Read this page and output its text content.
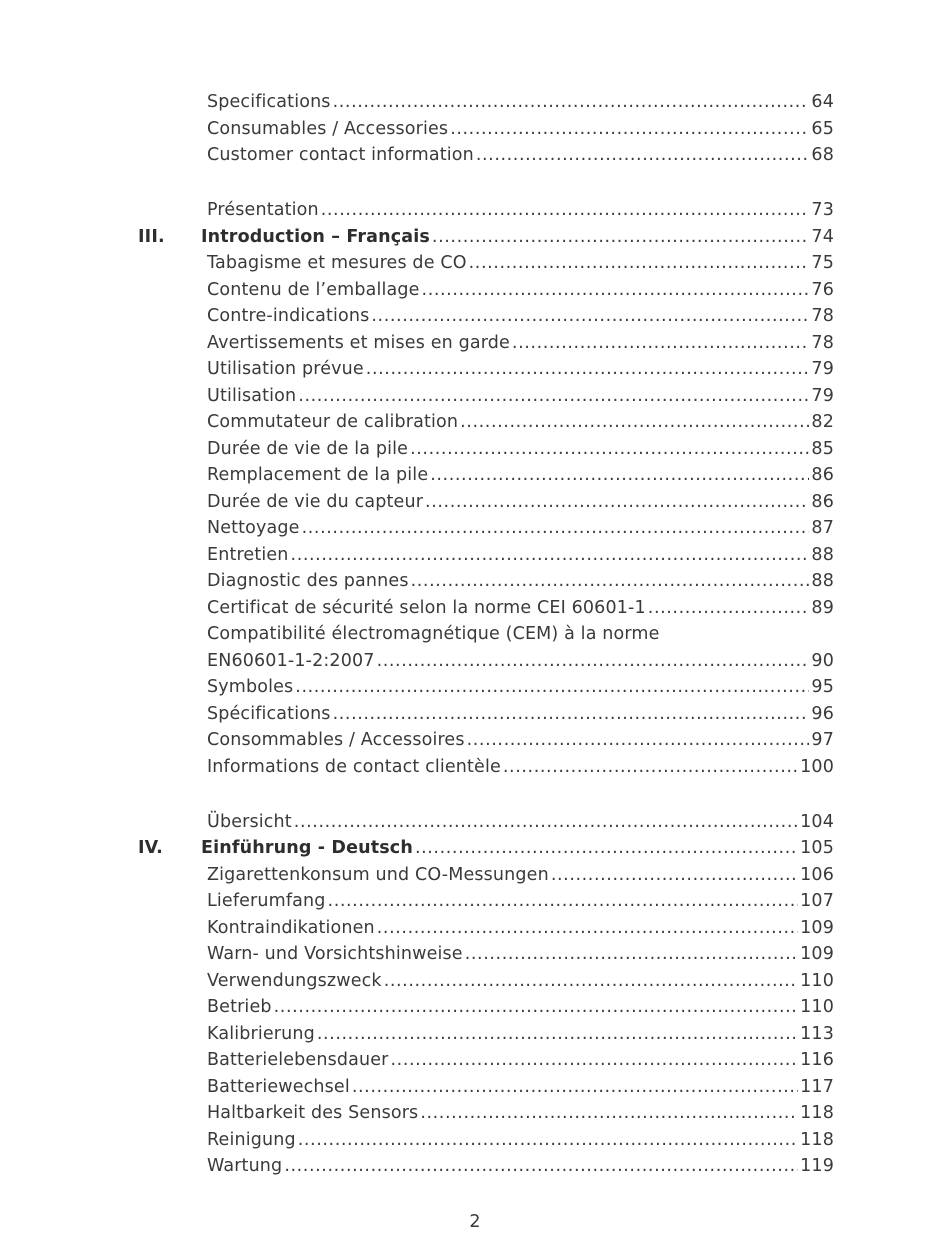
Specifications .....	64
Consumables / Accessories .....	65
Customer contact information .....	68
Présentation .....	73
III. Introduction – Français .....	74
Tabagisme et mesures de CO .....	75
Contenu de l’emballage .....	76
Contre-indications .....	78
Avertissements et mises en garde .....	78
Utilisation prévue .....	79
Utilisation .....	79
Commutateur de calibration .....	82
Durée de vie de la pile .....	85
Remplacement de la pile .....	86
Durée de vie du capteur .....	86
Nettoyage .....	87
Entretien .....	88
Diagnostic des pannes .....	88
Certificat de sécurité selon la norme CEI 60601-1 .....	89
Compatibilité électromagnétique (CEM) à la norme
EN60601-1-2:2007 .....	90
Symboles .....	95
Spécifications .....	96
Consommables / Accessoires .....	97
Informations de contact clientèle .....	100
Übersicht .....	104
IV. Einführung - Deutsch .....	105
Zigarettenkonsum und CO-Messungen .....	106
Lieferumfang .....	107
Kontraindikationen .....	109
Warn- und Vorsichtshinweise .....	109
Verwendungszweck .....	110
Betrieb .....	110
Kalibrierung .....	113
Batterielebensdauer .....	116
Batteriewechsel .....	117
Haltbarkeit des Sensors .....	118
Reinigung .....	118
Wartung .....	119
2
